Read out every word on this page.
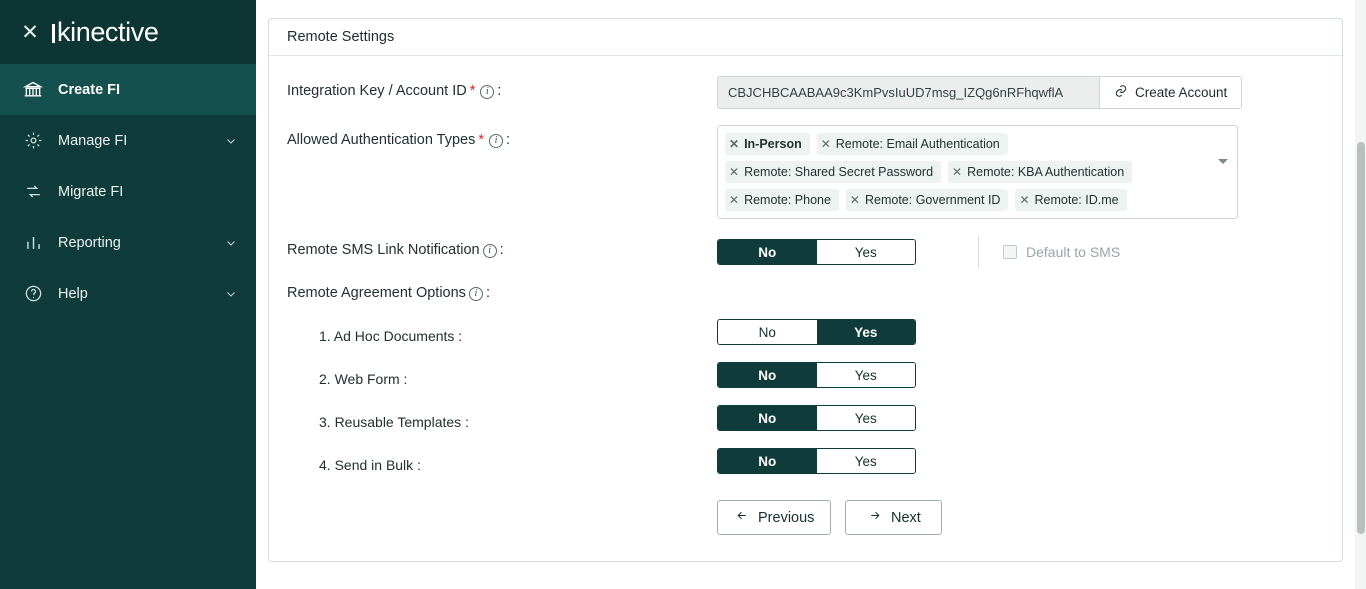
✕ kinective
Create FI
Manage FI
Migrate FI
Reporting
Help
Remote Settings
Integration Key / Account ID * i :	CBJCHBCAABAA9c3KmPvsIuUD7msg_IZQg6nRFhqwflA	Create Account
Allowed Authentication Types * i :	✕ In-Person ✕ Remote: Email Authentication
✕ Remote: Shared Secret Password ✕ Remote: KBA Authentication
✕ Remote: Phone ✕ Remote: Government ID ✕ Remote: ID.me
Remote SMS Link Notification i :	No	Yes	Default to SMS
Remote Agreement Options i :
1. Ad Hoc Documents :	No	Yes
2. Web Form :	No	Yes
3. Reusable Templates :	No	Yes
4. Send in Bulk :	No	Yes
Previous	Next
